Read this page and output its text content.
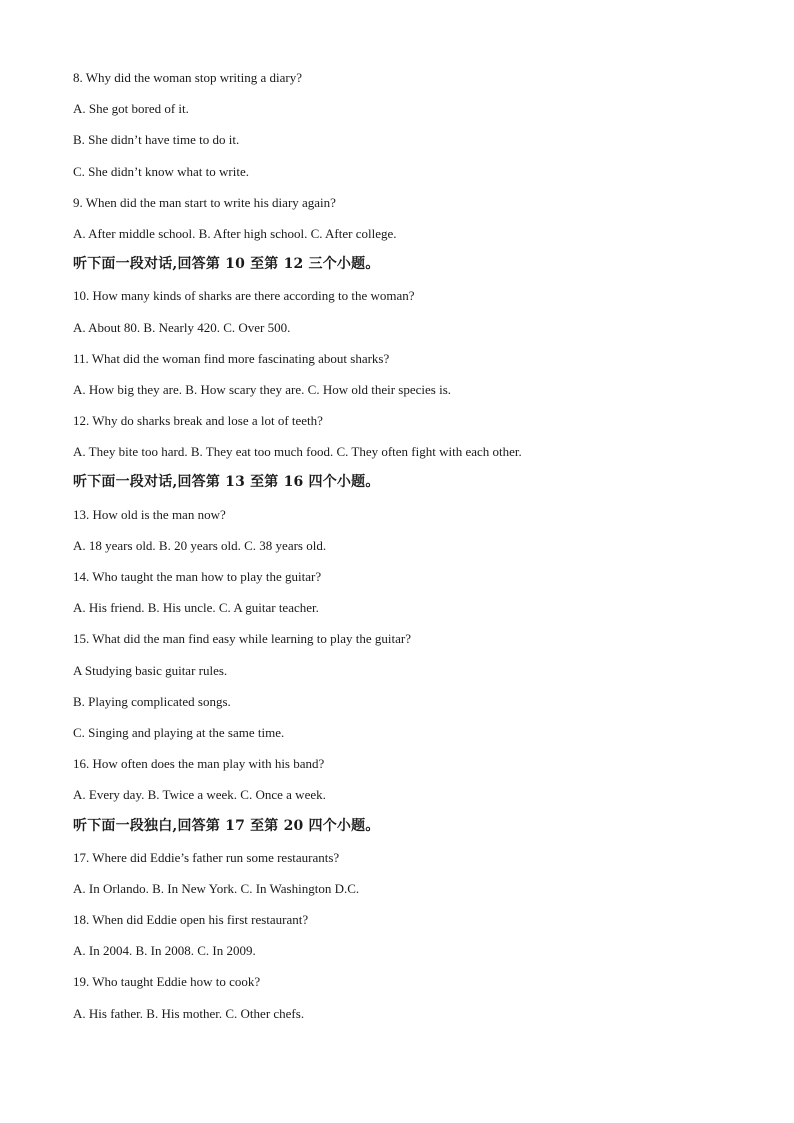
8. Why did the woman stop writing a diary?
A. She got bored of it.
B. She didn’t have time to do it.
C. She didn’t know what to write.
9. When did the man start to write his diary again?
A. After middle school. B. After high school. C. After college.
听下面一段对话,回答第 10 至第 12 三个小题。
10. How many kinds of sharks are there according to the woman?
A. About 80. B. Nearly 420. C. Over 500.
11. What did the woman find more fascinating about sharks?
A. How big they are. B. How scary they are. C. How old their species is.
12. Why do sharks break and lose a lot of teeth?
A. They bite too hard. B. They eat too much food. C. They often fight with each other.
听下面一段对话,回答第 13 至第 16 四个小题。
13. How old is the man now?
A. 18 years old. B. 20 years old. C. 38 years old.
14. Who taught the man how to play the guitar?
A. His friend. B. His uncle. C. A guitar teacher.
15. What did the man find easy while learning to play the guitar?
A Studying basic guitar rules.
B. Playing complicated songs.
C. Singing and playing at the same time.
16. How often does the man play with his band?
A. Every day. B. Twice a week. C. Once a week.
听下面一段独白,回答第 17 至第 20 四个小题。
17. Where did Eddie’s father run some restaurants?
A. In Orlando. B. In New York. C. In Washington D.C.
18. When did Eddie open his first restaurant?
A. In 2004. B. In 2008. C. In 2009.
19. Who taught Eddie how to cook?
A. His father. B. His mother. C. Other chefs.
